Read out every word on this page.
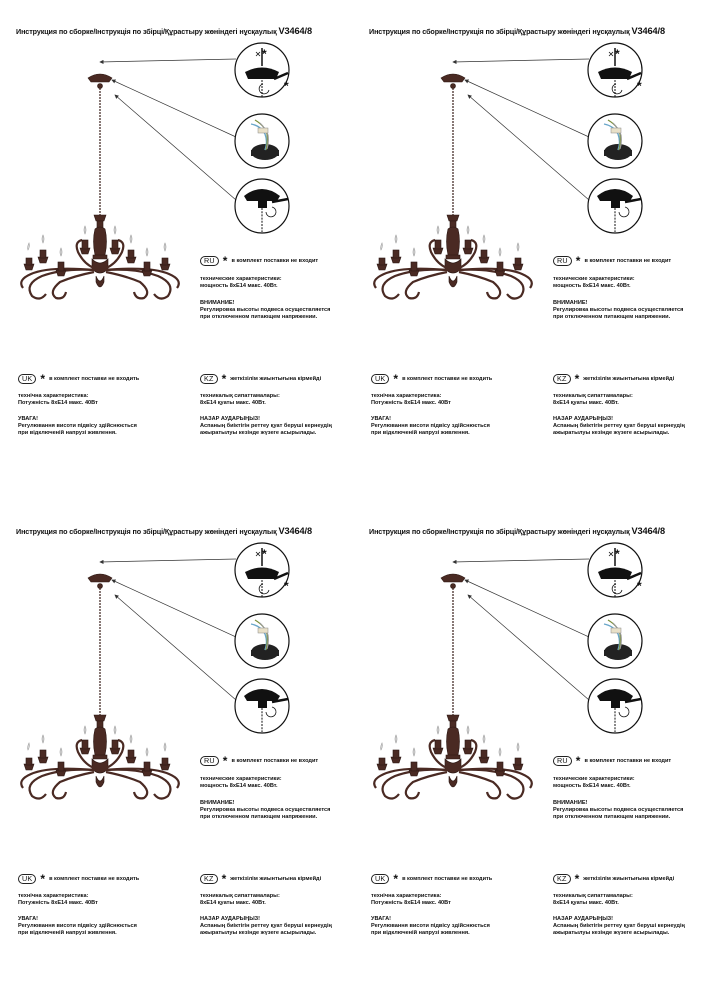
Инструкция по сборке/Інструкція по збірці/Құрастыру жөніндегі нұсқаулық V3464/8
*
*
RU * в комплект поставки не входит
технические характеристики:
мощность 8xE14 макс. 40Вт.
ВНИМАНИЕ!
Регулировка высоты подвеса осуществляется
при отключенном питающем напряжении.
UK * в комплект поставки не входить
технічна характеристика:
Потужність 8xE14 макс. 40Вт
УВАГА!
Регулювання висоти підвісу здійснюється
при відключеній напрузі живлення.
KZ * жеткізілім жиынтығына кірмейді
техникалық сипаттамалары:
8xE14 қуаты макс. 40Вт.
НАЗАР АУДАРЫҢЫЗ!
Аспаның биіктігін реттеу қуат беруші кернеудің
ажыратылуы кезінде жүзеге асырылады.
Инструкция по сборке/Інструкція по збірці/Құрастыру жөніндегі нұсқаулық V3464/8
*
*
RU * в комплект поставки не входит
технические характеристики:
мощность 8xE14 макс. 40Вт.
ВНИМАНИЕ!
Регулировка высоты подвеса осуществляется
при отключенном питающем напряжении.
UK * в комплект поставки не входить
технічна характеристика:
Потужність 8xE14 макс. 40Вт
УВАГА!
Регулювання висоти підвісу здійснюється
при відключеній напрузі живлення.
KZ * жеткізілім жиынтығына кірмейді
техникалық сипаттамалары:
8xE14 қуаты макс. 40Вт.
НАЗАР АУДАРЫҢЫЗ!
Аспаның биіктігін реттеу қуат беруші кернеудің
ажыратылуы кезінде жүзеге асырылады.
Инструкция по сборке/Інструкція по збірці/Құрастыру жөніндегі нұсқаулық V3464/8
*
*
RU * в комплект поставки не входит
технические характеристики:
мощность 8xE14 макс. 40Вт.
ВНИМАНИЕ!
Регулировка высоты подвеса осуществляется
при отключенном питающем напряжении.
UK * в комплект поставки не входить
технічна характеристика:
Потужність 8xE14 макс. 40Вт
УВАГА!
Регулювання висоти підвісу здійснюється
при відключеній напрузі живлення.
KZ * жеткізілім жиынтығына кірмейді
техникалық сипаттамалары:
8xE14 қуаты макс. 40Вт.
НАЗАР АУДАРЫҢЫЗ!
Аспаның биіктігін реттеу қуат беруші кернеудің
ажыратылуы кезінде жүзеге асырылады.
Инструкция по сборке/Інструкція по збірці/Құрастыру жөніндегі нұсқаулық V3464/8
*
*
RU * в комплект поставки не входит
технические характеристики:
мощность 8xE14 макс. 40Вт.
ВНИМАНИЕ!
Регулировка высоты подвеса осуществляется
при отключенном питающем напряжении.
UK * в комплект поставки не входить
технічна характеристика:
Потужність 8xE14 макс. 40Вт
УВАГА!
Регулювання висоти підвісу здійснюється
при відключеній напрузі живлення.
KZ * жеткізілім жиынтығына кірмейді
техникалық сипаттамалары:
8xE14 қуаты макс. 40Вт.
НАЗАР АУДАРЫҢЫЗ!
Аспаның биіктігін реттеу қуат беруші кернеудің
ажыратылуы кезінде жүзеге асырылады.
